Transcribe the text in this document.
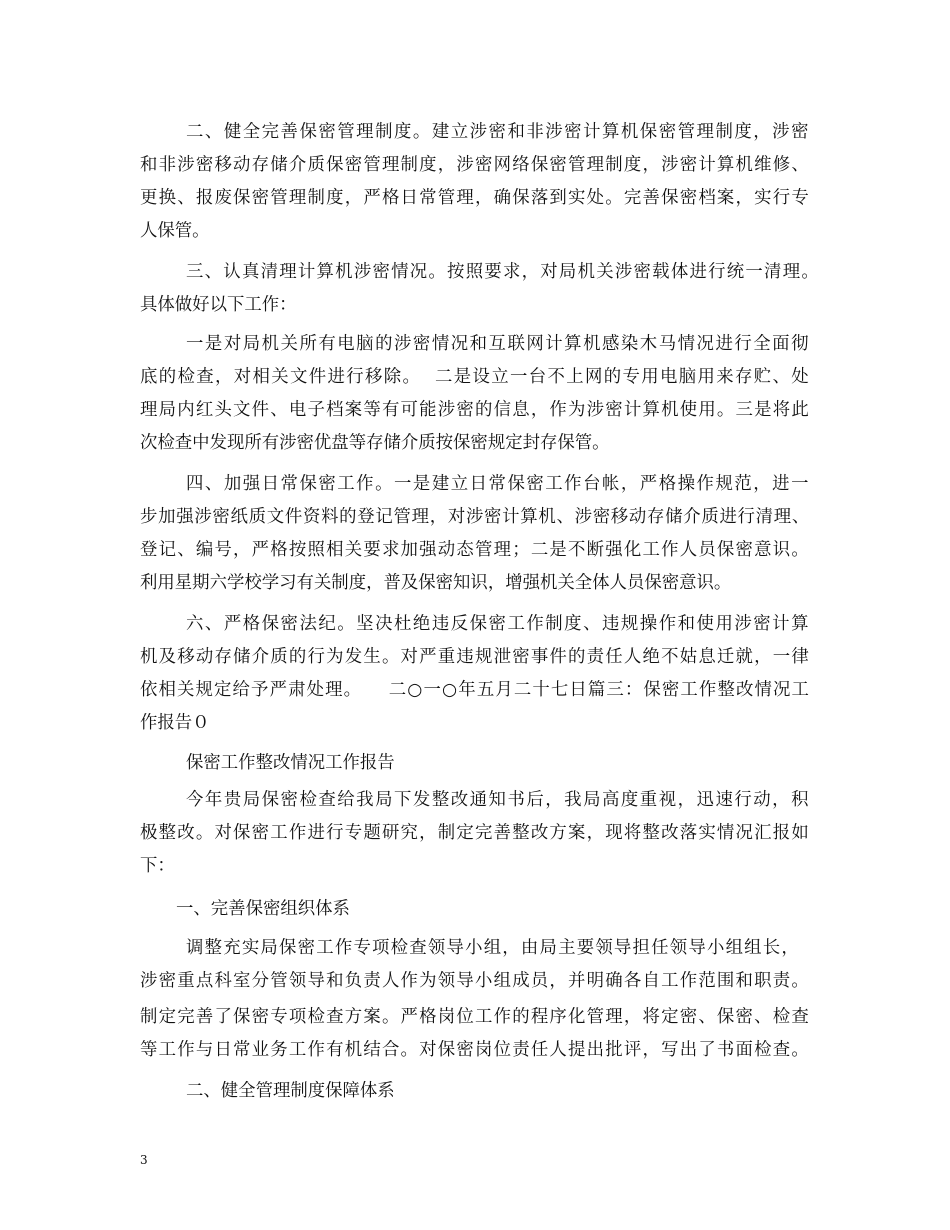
二、健全完善保密管理制度。建立涉密和非涉密计算机保密管理制度，涉密
和非涉密移动存储介质保密管理制度，涉密网络保密管理制度，涉密计算机维修、
更换、报废保密管理制度，严格日常管理，确保落到实处。完善保密档案，实行专
人保管。
三、认真清理计算机涉密情况。按照要求，对局机关涉密载体进行统一清理。
具体做好以下工作：
一是对局机关所有电脑的涉密情况和互联网计算机感染木马情况进行全面彻
底的检查，对相关文件进行移除。  二是设立一台不上网的专用电脑用来存贮、处
理局内红头文件、电子档案等有可能涉密的信息，作为涉密计算机使用。三是将此
次检查中发现所有涉密优盘等存储介质按保密规定封存保管。
四、加强日常保密工作。一是建立日常保密工作台帐，严格操作规范，进一
步加强涉密纸质文件资料的登记管理，对涉密计算机、涉密移动存储介质进行清理、
登记、编号，严格按照相关要求加强动态管理；二是不断强化工作人员保密意识。
利用星期六学校学习有关制度，普及保密知识，增强机关全体人员保密意识。
六、严格保密法纪。坚决杜绝违反保密工作制度、违规操作和使用涉密计算
机及移动存储介质的行为发生。对严重违规泄密事件的责任人绝不姑息迁就，一律
依相关规定给予严肃处理。    二○一○年五月二十七日篇三：保密工作整改情况工
作报告０
保密工作整改情况工作报告
今年贵局保密检查给我局下发整改通知书后，我局高度重视，迅速行动，积
极整改。对保密工作进行专题研究，制定完善整改方案，现将整改落实情况汇报如
下：
一、完善保密组织体系
调整充实局保密工作专项检查领导小组，由局主要领导担任领导小组组长，
涉密重点科室分管领导和负责人作为领导小组成员，并明确各自工作范围和职责。
制定完善了保密专项检查方案。严格岗位工作的程序化管理，将定密、保密、检查
等工作与日常业务工作有机结合。对保密岗位责任人提出批评，写出了书面检查。
二、健全管理制度保障体系
3
